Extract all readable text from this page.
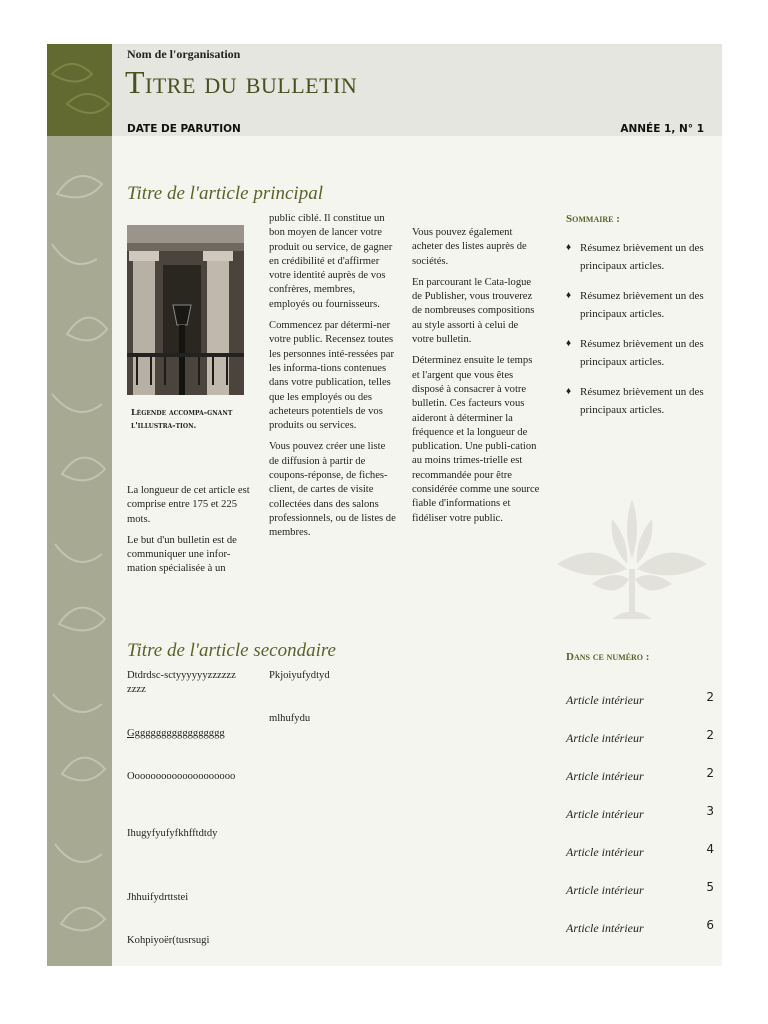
Nom de l'organisation
Titre du bulletin
DATE DE PARUTION	ANNÉE 1, N° 1
Titre de l'article principal
Légende accompa-gnant l'illustra-tion.

La longueur de cet article est comprise entre 175 et 225 mots.

Le but d'un bulletin est de communiquer une infor-mation spécialisée à un

public ciblé. Il constitue un bon moyen de lancer votre produit ou service, de gagner en crédibilité et d'affirmer votre identité auprès de vos confrères, membres, employés ou fournisseurs.

Commencez par détermi-ner votre public. Recensez toutes les personnes inté-ressées par les informa-tions contenues dans votre publication, telles que les employés ou des acheteurs potentiels de vos produits ou services.

Vous pouvez créer une liste de diffusion à partir de coupons-réponse, de fiches-client, de cartes de visite collectées dans des salons professionnels, ou de listes de membres.

Vous pouvez également acheter des listes auprès de sociétés.

En parcourant le Cata-logue de Publisher, vous trouverez de nombreuses compositions au style assorti à celui de votre bulletin.

Déterminez ensuite le temps et l'argent que vous êtes disposé à consacrer à votre bulletin. Ces facteurs vous aideront à déterminer la fréquence et la longueur de publication. Une publi-cation au moins trimes-trielle est recommandée pour être considérée comme une source fiable d'informations et fidéliser votre public.

Sommaire :
♦ Résumez brièvement un des principaux articles.
♦ Résumez brièvement un des principaux articles.
♦ Résumez brièvement un des principaux articles.
♦ Résumez brièvement un des principaux articles.
Titre de l'article secondaire
Dtdrdsc-sctyyyyyyzzzzzzzzzz
Gggggggggggggggggg
Oooooooooooooooooooo
Ihugyfyufyfkhfftdtdy
Jhhuifydrttstei
Kohpiyoër(tusrsugi
Pkjoiyufydtyd
mlhufydu
Dans ce numéro :
Article intérieur	2
Article intérieur	2
Article intérieur	2
Article intérieur	3
Article intérieur	4
Article intérieur	5
Article intérieur	6
